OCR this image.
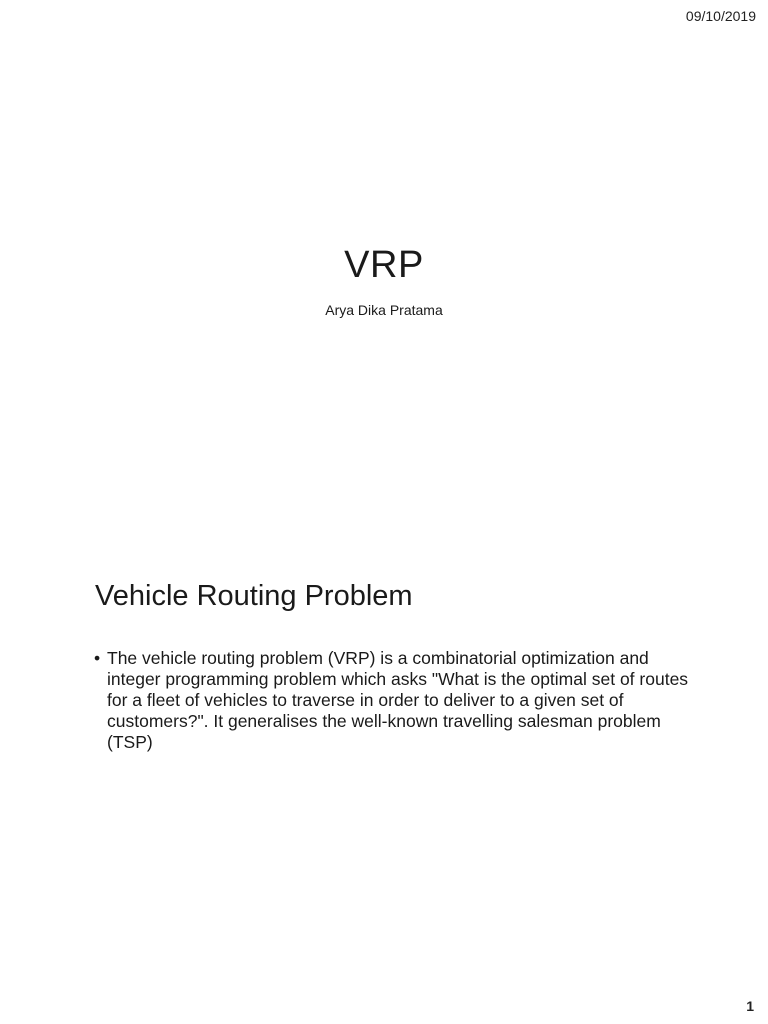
09/10/2019
VRP
Arya Dika Pratama
Vehicle Routing Problem
• The vehicle routing problem (VRP) is a combinatorial optimization and integer programming problem which asks "What is the optimal set of routes for a fleet of vehicles to traverse in order to deliver to a given set of customers?". It generalises the well-known travelling salesman problem (TSP)
1
